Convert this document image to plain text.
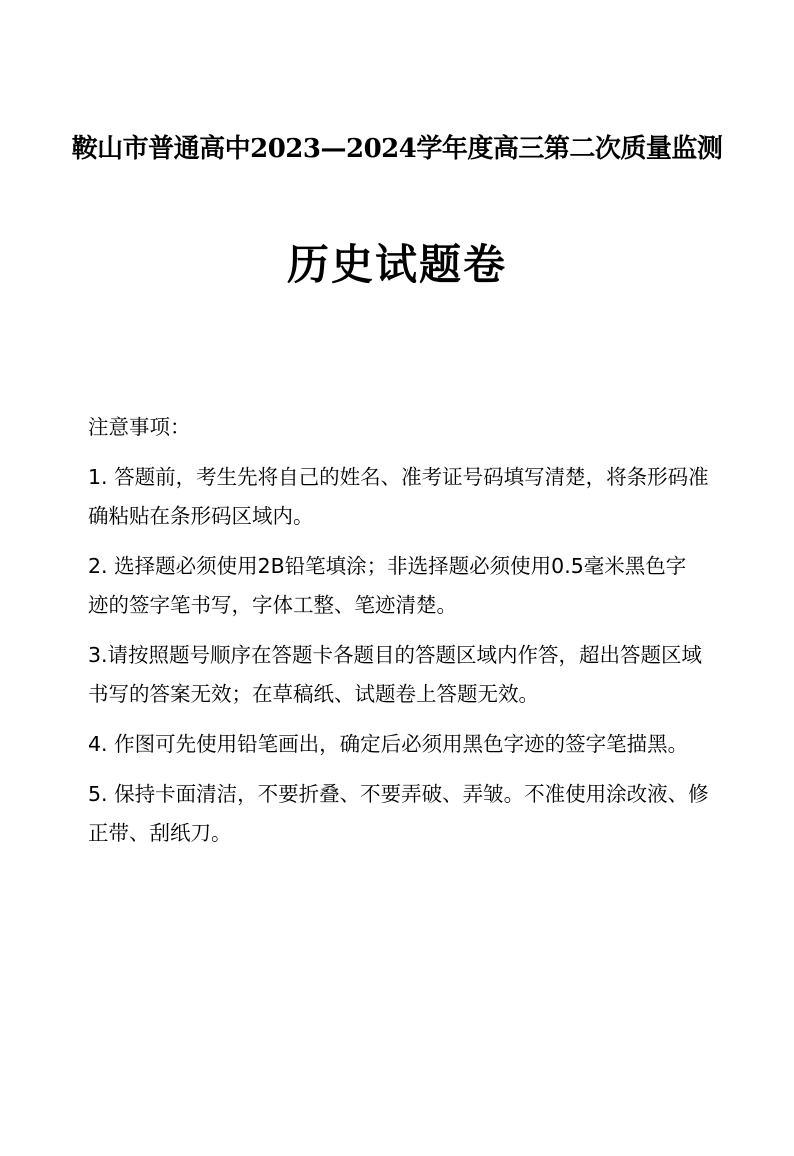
鞍山市普通高中2023—2024学年度高三第二次质量监测
历史试题卷
注意事项：
1. 答题前，考生先将自己的姓名、准考证号码填写清楚，将条形码准
确粘贴在条形码区域内。
2. 选择题必须使用2B铅笔填涂；非选择题必须使用0.5毫米黑色字
迹的签字笔书写，字体工整、笔迹清楚。
3.请按照题号顺序在答题卡各题目的答题区域内作答，超出答题区域
书写的答案无效；在草稿纸、试题卷上答题无效。
4. 作图可先使用铅笔画出，确定后必须用黑色字迹的签字笔描黑。
5. 保持卡面清洁，不要折叠、不要弄破、弄皱。不准使用涂改液、修
正带、刮纸刀。
